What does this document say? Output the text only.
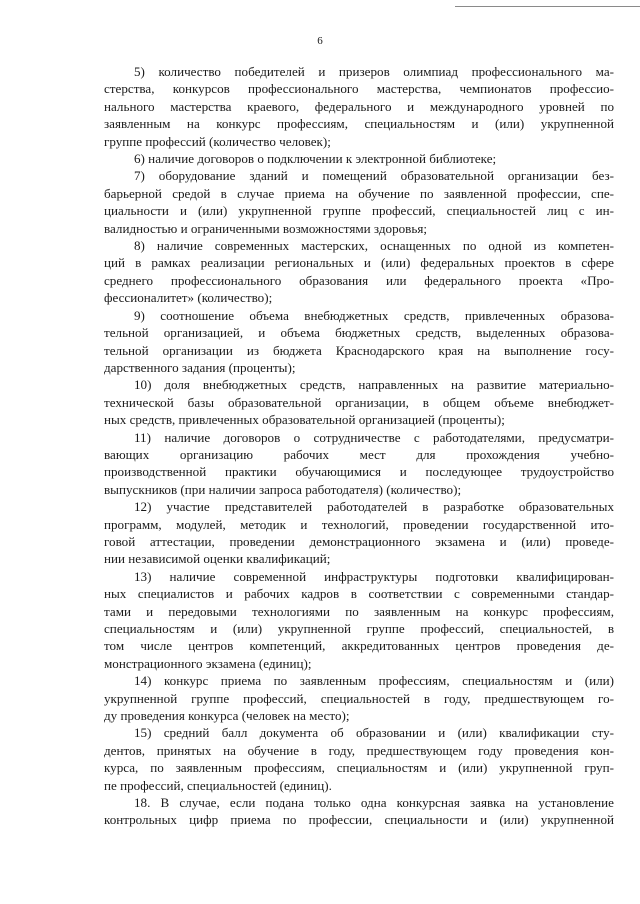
6
5) количество победителей и призеров олимпиад профессионального ма-
стерства, конкурсов профессионального мастерства, чемпионатов профессио-
нального мастерства краевого, федерального и международного уровней по
заявленным на конкурс профессиям, специальностям и (или) укрупненной
группе профессий (количество человек);
6) наличие договоров о подключении к электронной библиотеке;
7) оборудование зданий и помещений образовательной организации без-
барьерной средой в случае приема на обучение по заявленной профессии, спе-
циальности и (или) укрупненной группе профессий, специальностей лиц с ин-
валидностью и ограниченными возможностями здоровья;
8) наличие современных мастерских, оснащенных по одной из компетен-
ций в рамках реализации региональных и (или) федеральных проектов в сфере
среднего профессионального образования или федерального проекта «Про-
фессионалитет» (количество);
9) соотношение объема внебюджетных средств, привлеченных образова-
тельной организацией, и объема бюджетных средств, выделенных образова-
тельной организации из бюджета Краснодарского края на выполнение госу-
дарственного задания (проценты);
10) доля внебюджетных средств, направленных на развитие материально-
технической базы образовательной организации, в общем объеме внебюджет-
ных средств, привлеченных образовательной организацией (проценты);
11) наличие договоров о сотрудничестве с работодателями, предусматри-
вающих организацию рабочих мест для прохождения учебно-
производственной практики обучающимися и последующее трудоустройство
выпускников (при наличии запроса работодателя) (количество);
12) участие представителей работодателей в разработке образовательных
программ, модулей, методик и технологий, проведении государственной ито-
говой аттестации, проведении демонстрационного экзамена и (или) проведе-
нии независимой оценки квалификаций;
13) наличие современной инфраструктуры подготовки квалифицирован-
ных специалистов и рабочих кадров в соответствии с современными стандар-
тами и передовыми технологиями по заявленным на конкурс профессиям,
специальностям и (или) укрупненной группе профессий, специальностей, в
том числе центров компетенций, аккредитованных центров проведения де-
монстрационного экзамена (единиц);
14) конкурс приема по заявленным профессиям, специальностям и (или)
укрупненной группе профессий, специальностей в году, предшествующем го-
ду проведения конкурса (человек на место);
15) средний балл документа об образовании и (или) квалификации сту-
дентов, принятых на обучение в году, предшествующем году проведения кон-
курса, по заявленным профессиям, специальностям и (или) укрупненной груп-
пе профессий, специальностей (единиц).
18. В случае, если подана только одна конкурсная заявка на установление
контрольных цифр приема по профессии, специальности и (или) укрупненной
